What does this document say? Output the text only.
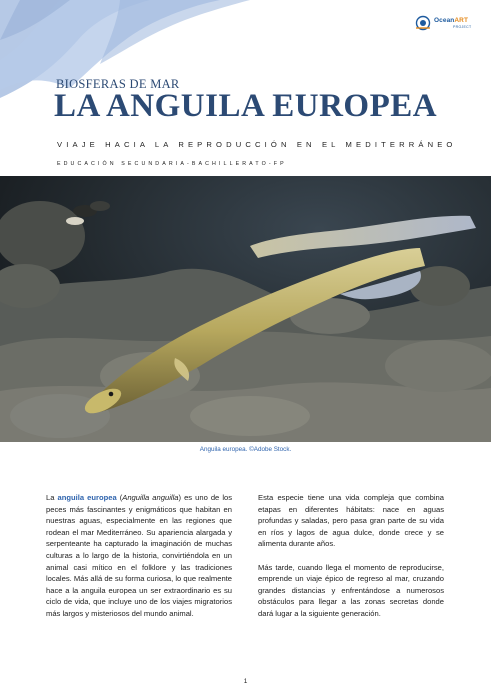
OceanART
PROJECT
BIOSFERAS DE MAR
LA ANGUILA EUROPEA
VIAJE HACIA LA REPRODUCCIÓN EN EL MEDITERRÁNEO
EDUCACIÓN SECUNDARIA-BACHILLERATO-FP
Anguila europea. ©Adobe Stock.

La anguila europea (Anguilla anguilla) es uno de los peces más fascinantes y enigmáticos que habitan en nuestras aguas, especialmente en las regiones que rodean el mar Mediterráneo. Su apariencia alargada y serpenteante ha capturado la imaginación de muchas culturas a lo largo de la historia, convirtiéndola en un animal casi mítico en el folklore y las tradiciones locales. Más allá de su forma curiosa, lo que realmente hace a la anguila europea un ser extraordinario es su ciclo de vida, que incluye uno de los viajes migratorios más largos y misteriosos del mundo animal.

Esta especie tiene una vida compleja que combina etapas en diferentes hábitats: nace en aguas profundas y saladas, pero pasa gran parte de su vida en ríos y lagos de agua dulce, donde crece y se alimenta durante años.

Más tarde, cuando llega el momento de reproducirse, emprende un viaje épico de regreso al mar, cruzando grandes distancias y enfrentándose a numerosos obstáculos para llegar a las zonas secretas donde dará lugar a la siguiente generación.

1
